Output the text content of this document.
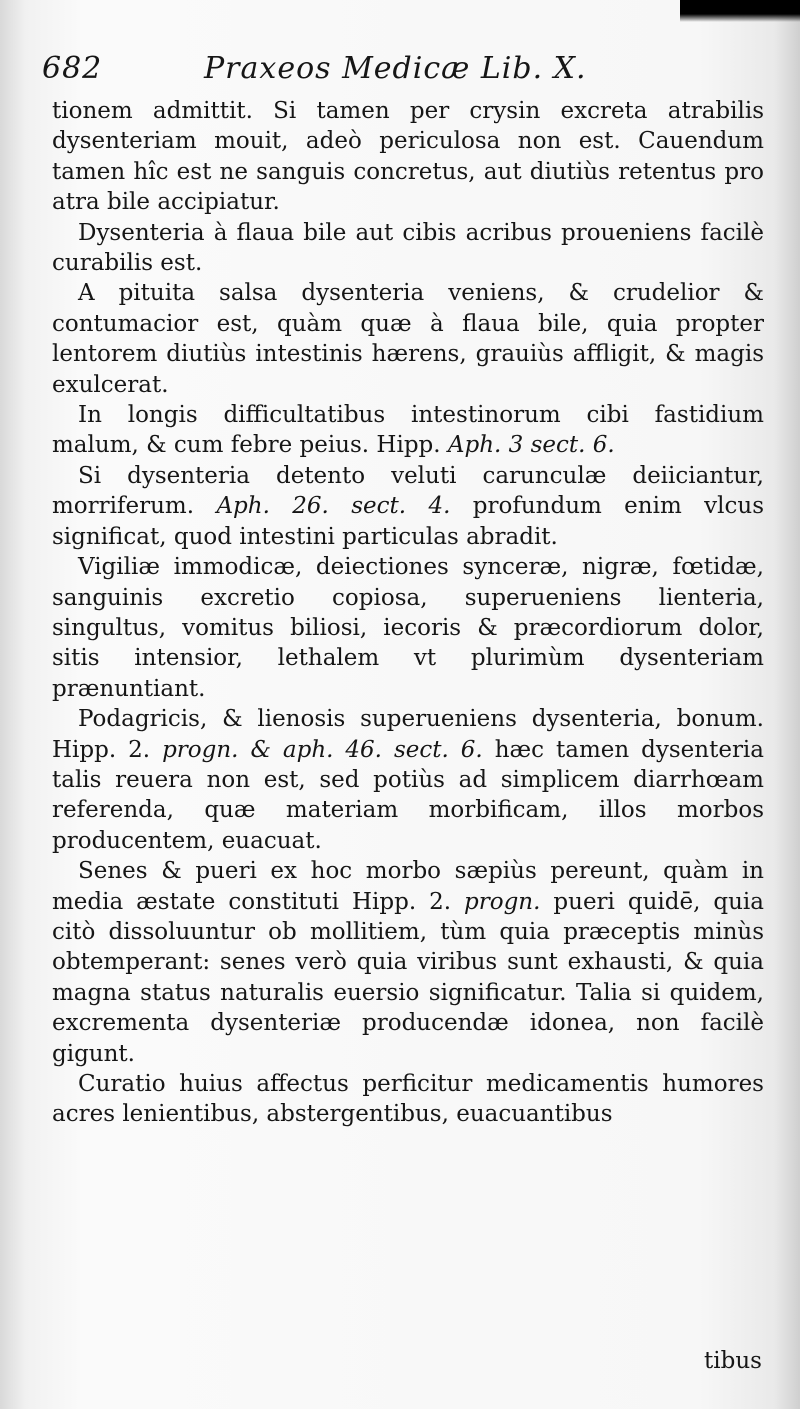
682	Praxeos Medicæ Lib. X.

tionem admittit. Si tamen per crysin excreta atrabilis dysenteriam mouit, adeò periculosa non est. Cauendum tamen hîc est ne sanguis concretus, aut diutiùs retentus pro atra bile accipiatur.

Dysenteria à flaua bile aut cibis acribus proueniens facilè curabilis est.

A pituita salsa dysenteria veniens, & crudelior & contumacior est, quàm quæ à flaua bile, quia propter lentorem diutiùs intestinis hærens, grauiùs affligit, & magis exulcerat.

In longis difficultatibus intestinorum cibi fastidium malum, & cum febre peius. Hipp. Aph. 3 sect. 6.

Si dysenteria detento veluti carunculæ deiiciantur, morriferum. Aph. 26. sect. 4. profundum enim vlcus significat, quod intestini particulas abradit.

Vigiliæ immodicæ, deiectiones synceræ, nigræ, fœtidæ, sanguinis excretio copiosa, superueniens lienteria, singultus, vomitus biliosi, iecoris & præcordiorum dolor, sitis intensior, lethalem vt plurimùm dysenteriam prænuntiant.

Podagricis, & lienosis superueniens dysenteria, bonum. Hipp. 2. progn. & aph. 46. sect. 6. hæc tamen dysenteria talis reuera non est, sed potiùs ad simplicem diarrhœam referenda, quæ materiam morbificam, illos morbos producentem, euacuat.

Senes & pueri ex hoc morbo sæpiùs pereunt, quàm in media æstate constituti Hipp. 2. progn. pueri quidē, quia citò dissoluuntur ob mollitiem, tùm quia præceptis minùs obtemperant: senes verò quia viribus sunt exhausti, & quia magna status naturalis euersio significatur. Talia si quidem, excrementa dysenteriæ producendæ idonea, non facilè gigunt.

Curatio huius affectus perficitur medicamentis humores acres lenientibus, abstergentibus, euacuantibus

tibus
